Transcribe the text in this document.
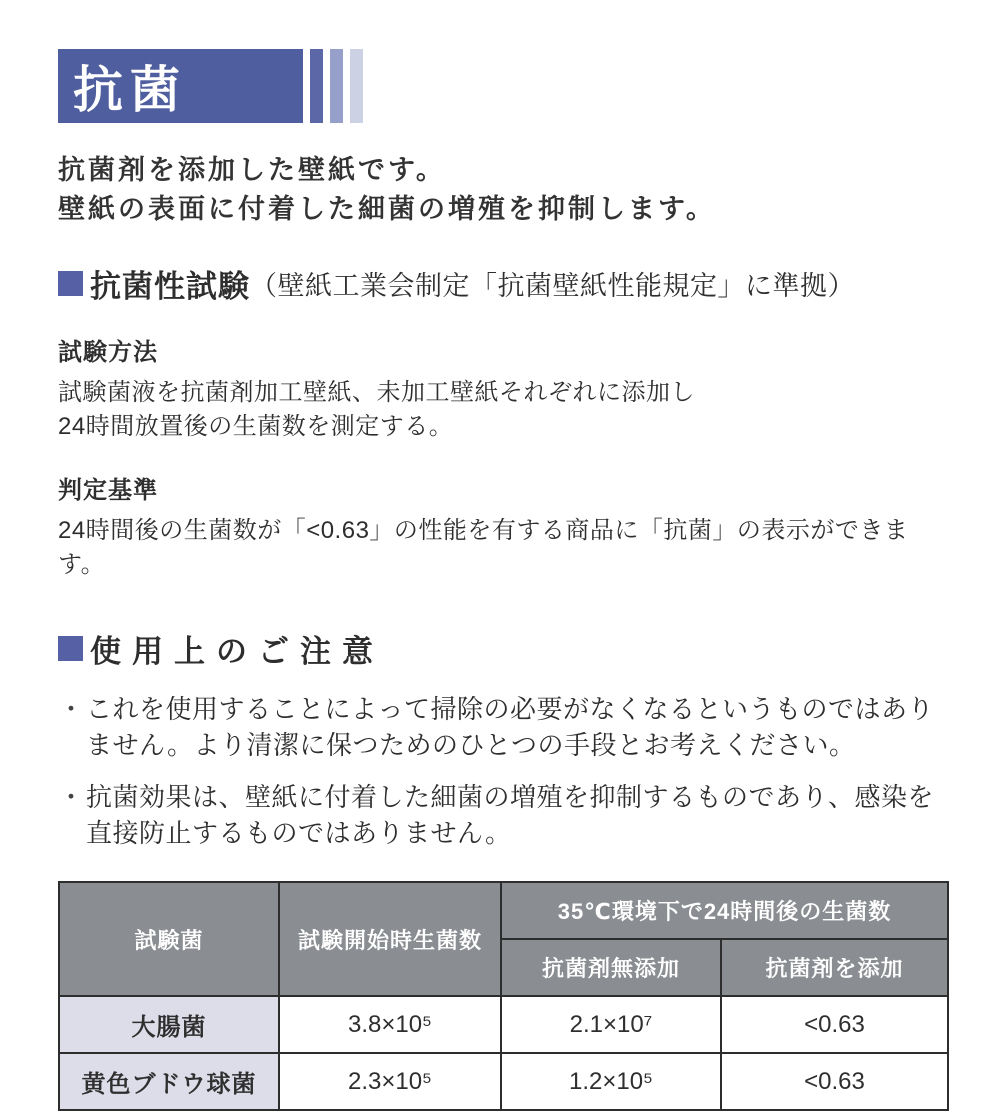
抗菌
抗菌剤を添加した壁紙です。
壁紙の表面に付着した細菌の増殖を抑制します。
抗菌性試験 （壁紙工業会制定「抗菌壁紙性能規定」に準拠）
試験方法
試験菌液を抗菌剤加工壁紙、未加工壁紙それぞれに添加し
24時間放置後の生菌数を測定する。
判定基準
24時間後の生菌数が「<0.63」の性能を有する商品に「抗菌」の表示ができます。
使用上のご注意
・ これを使用することによって掃除の必要がなくなるというものではありません。より清潔に保つためのひとつの手段とお考えください。
・ 抗菌効果は、壁紙に付着した細菌の増殖を抑制するものであり、感染を直接防止するものではありません。
試験菌	試験開始時生菌数	35℃環境下で24時間後の生菌数	
		抗菌剤無添加	抗菌剤を添加
大腸菌	3.8×10⁵	2.1×10⁷	<0.63
黄色ブドウ球菌	2.3×10⁵	1.2×10⁵	<0.63
